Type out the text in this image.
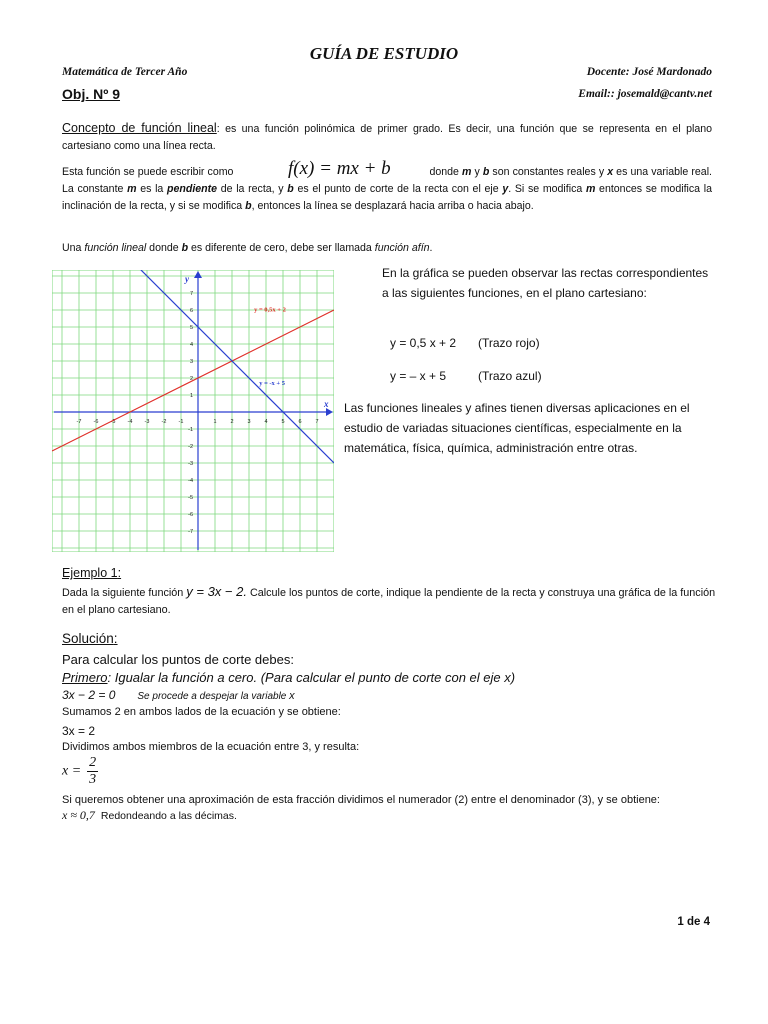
GUÍA DE ESTUDIO
Matemática de Tercer Año	Docente: José Mardonado
Obj. Nº 9	Email:: josemald@cantv.net
Concepto de función lineal: es una función polinómica de primer grado. Es decir, una función que se representa en el plano cartesiano como una línea recta.
Esta función se puede escribir como	donde m y b son constantes reales y x es una variable real. La constante m es la pendiente de la recta, y b es el punto de corte de la recta con el eje y. Si se modifica m entonces se modifica la inclinación de la recta, y si se modifica b, entonces la línea se desplazará hacia arriba o hacia abajo.
f(x) = mx + b
Una función lineal donde b es diferente de cero, debe ser llamada función afín.
x
y
-7 -6 -5 -4 -3 -2 -1	1	2	3	4	5	6	7
-7
-6
-5
-4
-3
-2
-1
1
2
3
4
5
6
7
y = 0,5x + 2
y = -x + 5
En la gráfica se pueden observar las rectas correspondientes a las siguientes funciones, en el plano cartesiano:
y = 0,5 x + 2 (Trazo rojo)
y = – x + 5	(Trazo azul)
Las funciones lineales y afines tienen diversas aplicaciones en el estudio de variadas situaciones científicas, especialmente en la matemática, física, química, administración entre otras.
Ejemplo 1:
Dada la siguiente función y = 3x − 2. Calcule los puntos de corte, indique la pendiente de la recta y construya una gráfica de la función en el plano cartesiano.
Solución:
Para calcular los puntos de corte debes:
Primero: Igualar la función a cero. (Para calcular el punto de corte con el eje x)
3x − 2 = 0 Se procede a despejar la variable x
Sumamos 2 en ambos lados de la ecuación y se obtiene:
3x = 2
Dividimos ambos miembros de la ecuación entre 3, y resulta:
$x = \frac{2}{3}$
Si queremos obtener una aproximación de esta fracción dividimos el numerador (2) entre el denominador (3), y se obtiene:
x ≈ 0,7 Redondeando a las décimas.
1 de 4
